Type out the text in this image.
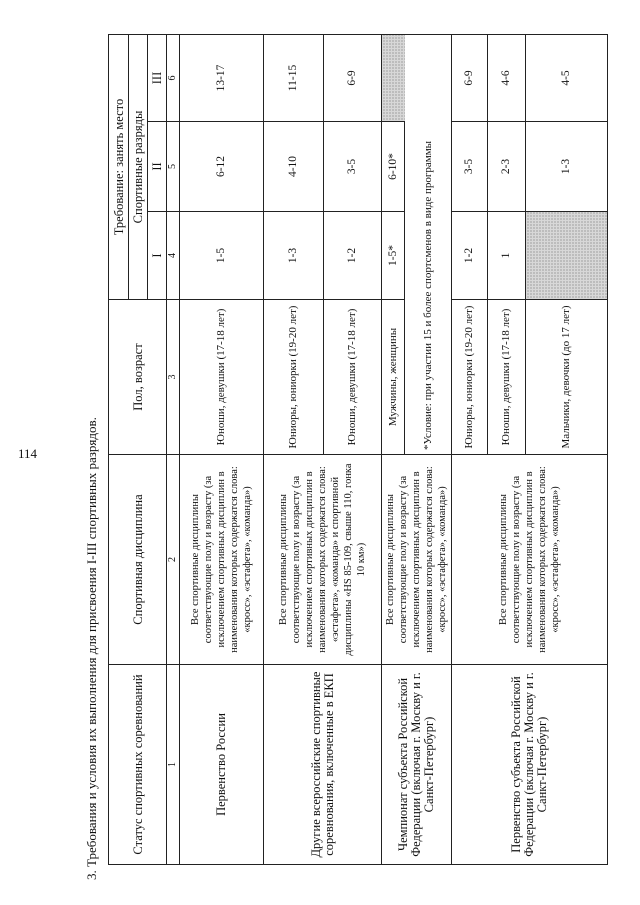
114	3. Требования и условия их выполнения для присвоения I-III спортивных разрядов.	Статус спортивных соревнований	Спортивная дисциплина	Пол, возраст	Требование: занять место		
			Спортивные разряды		
			I	II	III
1	2	3	4	5	6
Первенство России	Все спортивные дисциплины соответствующие полу и возрасту (за исключением спортивных дисциплин в наименования которых содержатся слова: «кросс», «эстафета», «команда»)	Юноши, девушки (17-18 лет)	1-5	6-12	13-17
Другие всероссийские спортивные соревнования, включенные в ЕКП	Все спортивные дисциплины соответствующие полу и возрасту (за исключением спортивных дисциплин в наименования которых содержатся слова: «эстафета», «команда» и спортивной дисциплины «HS 85-109, свыше 110, гонка 10 км»)	Юниоры, юниорки (19-20 лет)	1-3	4-10	11-15
		Юноши, девушки (17-18 лет)	1-2	3-5	6-9
Чемпионат субъекта Российской Федерации (включая г. Москву и г. Санкт-Петербург)	Все спортивные дисциплины соответствующие полу и возрасту (за исключением спортивных дисциплин в наименования которых содержатся слова: «кросс», «эстафета», «команда»)	Мужчины, женщины	1-5*	6-10*	
		*Условие: при участии 15 и более спортсменов в виде программы			
Первенство субъекта Российской Федерации (включая г. Москву и г. Санкт-Петербург)	Все спортивные дисциплины соответствующие полу и возрасту (за исключением спортивных дисциплин в наименования которых содержатся слова: «кросс», «эстафета», «команда»)	Юниоры, юниорки (19-20 лет)	1-2	3-5	6-9
		Юноши, девушки (17-18 лет)	1	2-3	4-6
		Мальчики, девочки (до 17 лет)		1-3	4-5
